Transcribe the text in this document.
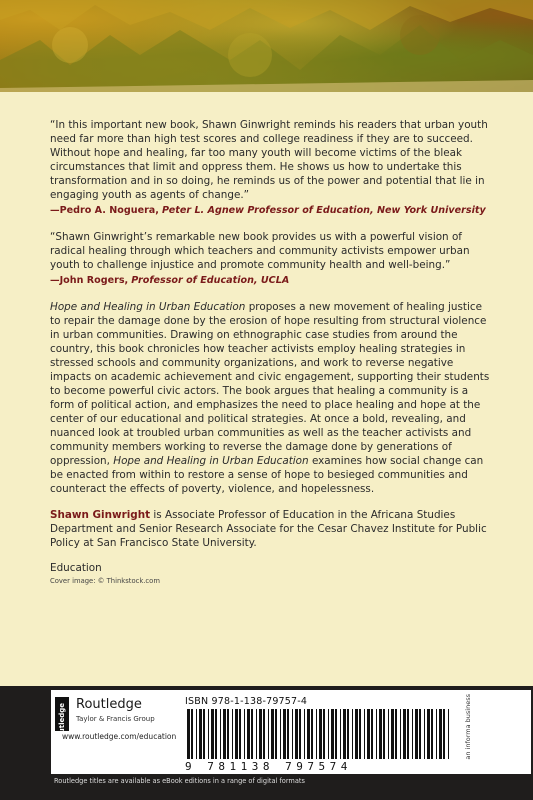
“In this important new book, Shawn Ginwright reminds his readers that urban youth need far more than high test scores and college readiness if they are to succeed. Without hope and healing, far too many youth will become victims of the bleak circumstances that limit and oppress them. He shows us how to undertake this transformation and in so doing, he reminds us of the power and potential that lie in engaging youth as agents of change.”

—Pedro A. Noguera, Peter L. Agnew Professor of Education, New York University

“Shawn Ginwright’s remarkable new book provides us with a powerful vision of radical healing through which teachers and community activists empower urban youth to challenge injustice and promote community health and well-being.”

—John Rogers, Professor of Education, UCLA

Hope and Healing in Urban Education proposes a new movement of healing justice to repair the damage done by the erosion of hope resulting from structural violence in urban communities. Drawing on ethnographic case studies from around the country, this book chronicles how teacher activists employ healing strategies in stressed schools and community organizations, and work to reverse negative impacts on academic achievement and civic engagement, supporting their students to become powerful civic actors. The book argues that healing a community is a form of political action, and emphasizes the need to place healing and hope at the center of our educational and political strategies. At once a bold, revealing, and nuanced look at troubled urban communities as well as the teacher activists and community members working to reverse the damage done by generations of oppression, Hope and Healing in Urban Education examines how social change can be enacted from within to restore a sense of hope to besieged communities and counteract the effects of poverty, violence, and hopelessness.

Shawn Ginwright is Associate Professor of Education in the Africana Studies Department and Senior Research Associate for the Cesar Chavez Institute for Public Policy at San Francisco State University.

Education

Cover image: © Thinkstock.com

Routledge Routledge
Taylor & Francis Group
www.routledge.com/education
ISBN 978-1-138-79757-4
9 781138 797574
an informa business
Routledge titles are available as eBook editions in a range of digital formats
